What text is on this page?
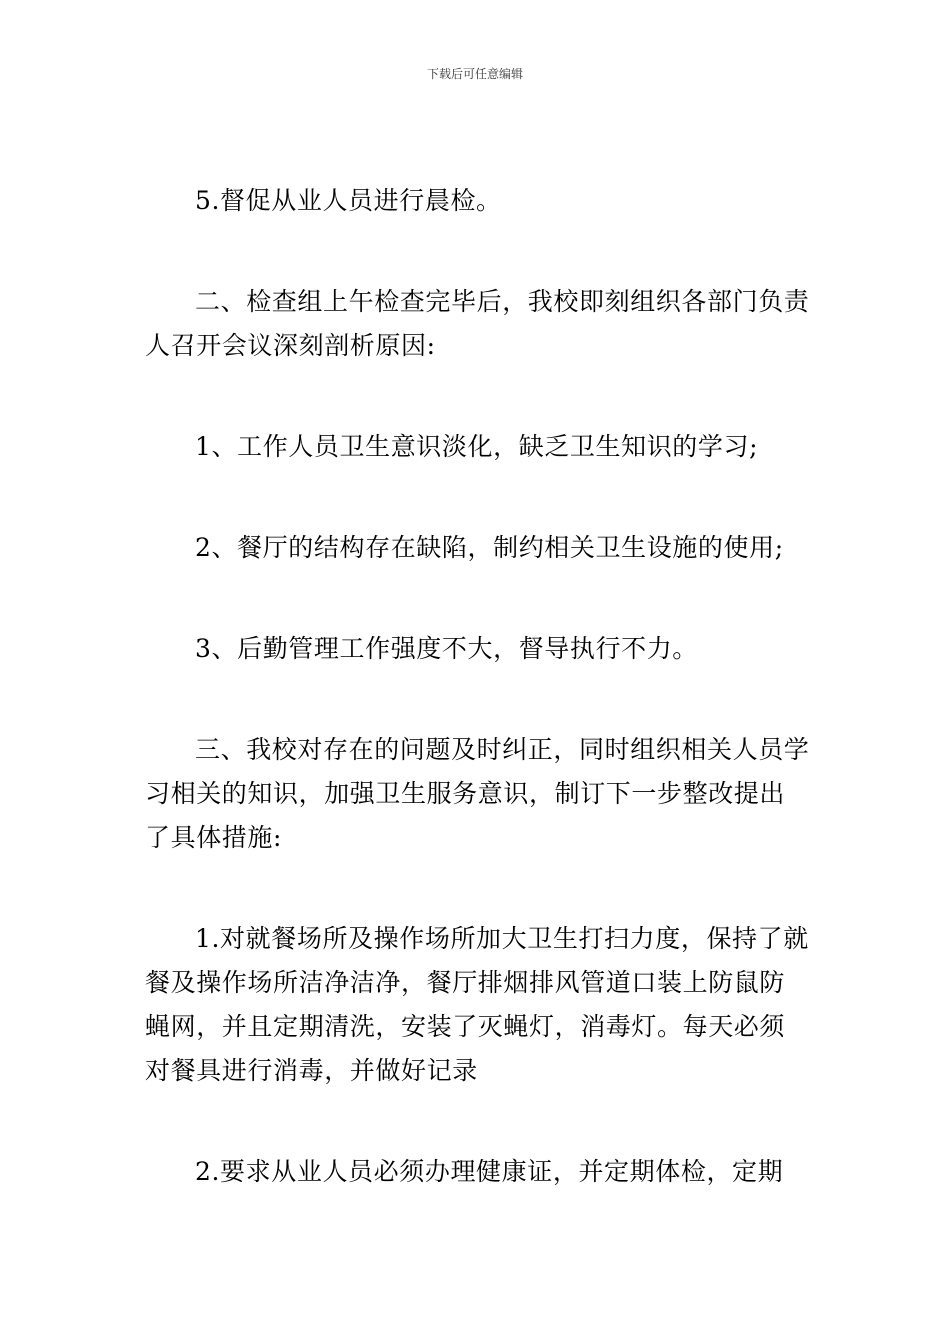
下载后可任意编辑

5.督促从业人员进行晨检。

二、检查组上午检查完毕后，我校即刻组织各部门负责人召开会议深刻剖析原因:

1、工作人员卫生意识淡化，缺乏卫生知识的学习;

2、餐厅的结构存在缺陷，制约相关卫生设施的使用;

3、后勤管理工作强度不大，督导执行不力。

三、我校对存在的问题及时纠正，同时组织相关人员学习相关的知识，加强卫生服务意识，制订下一步整改提出了具体措施:

1.对就餐场所及操作场所加大卫生打扫力度，保持了就餐及操作场所洁净洁净，餐厅排烟排风管道口装上防鼠防蝇网，并且定期清洗，安装了灭蝇灯，消毒灯。每天必须对餐具进行消毒，并做好记录

2.要求从业人员必须办理健康证，并定期体检，定期
